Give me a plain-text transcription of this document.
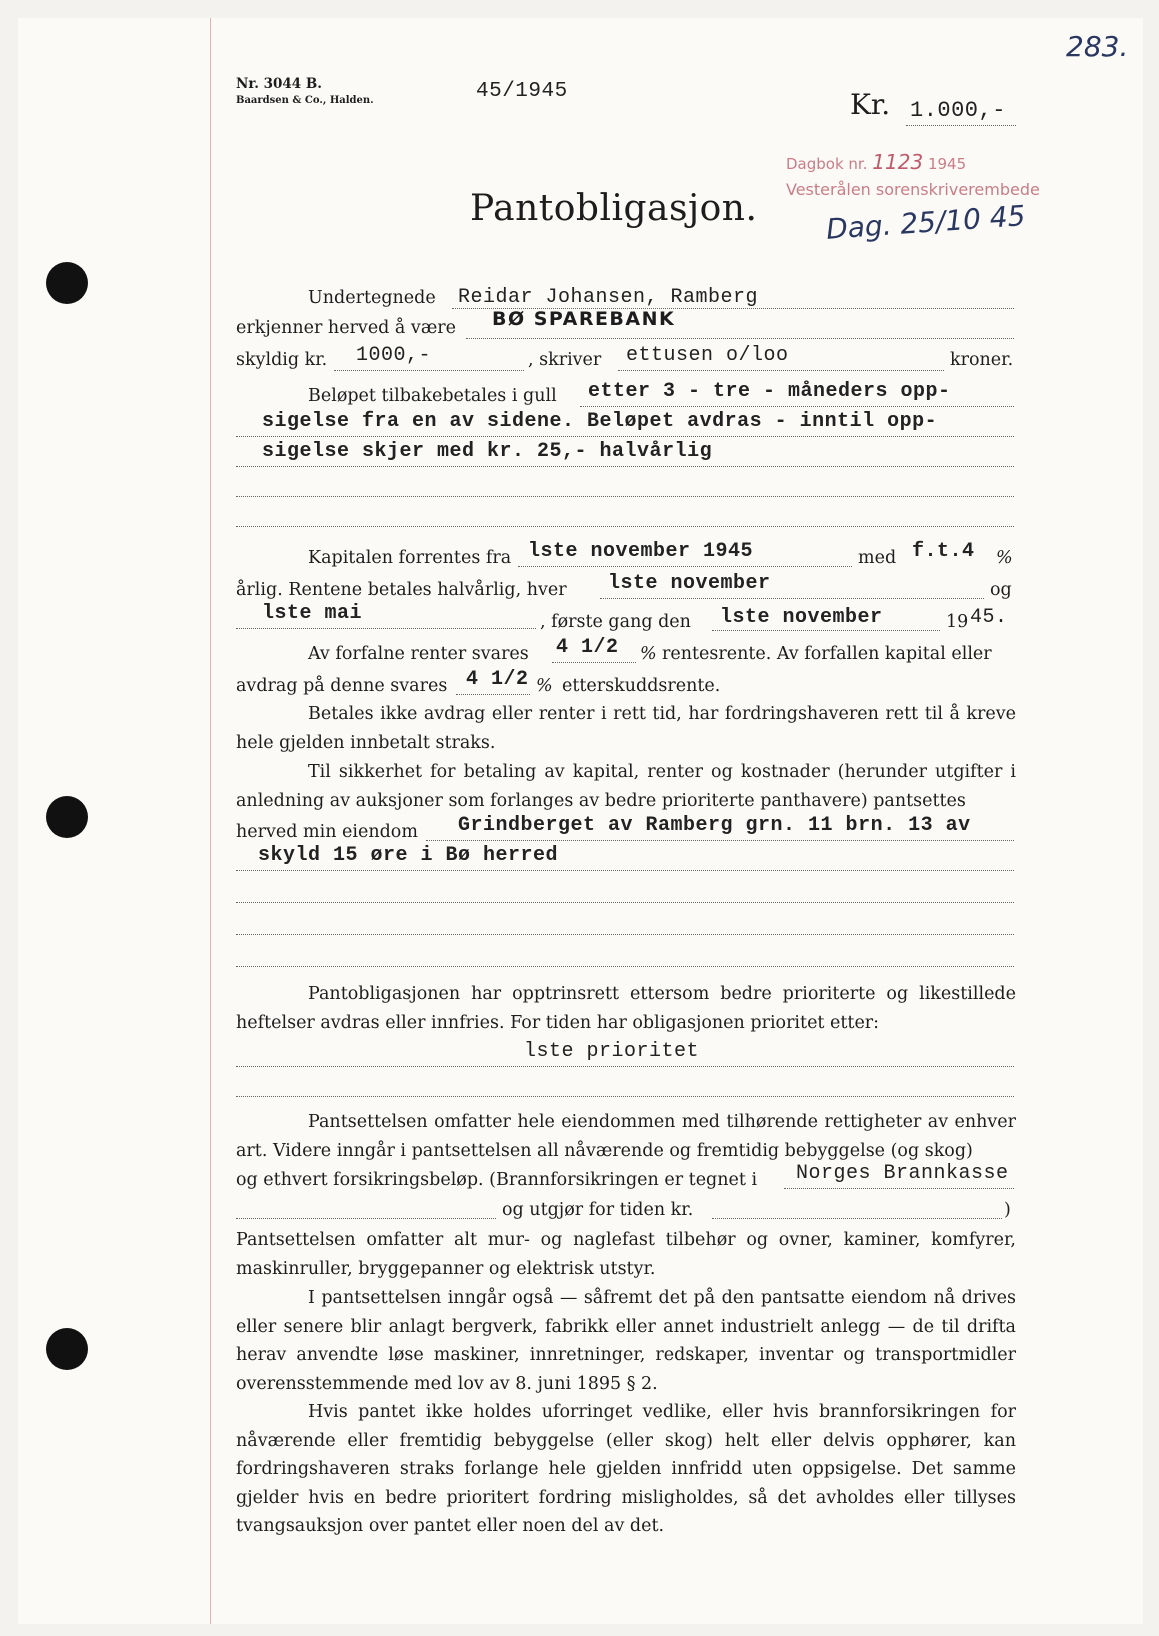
283.
Nr. 3044 B.
Baardsen & Co., Halden.	45/1945	Kr. 1.000,-
Dagbok nr. 1123 1945
Vesterålen sorenskriverembede
Dag. 25/10 45
Pantobligasjon.
Undertegnede Reidar Johansen, Ramberg
erkjenner herved å være BØ SPAREBANK
skyldig kr. 1000,-	, skriver ettusen o/loo	kroner.
Beløpet tilbakebetales i gull etter 3 - tre - måneders opp-
sigelse fra en av sidene. Beløpet avdras - inntil opp-
sigelse skjer med kr. 25,- halvårlig
Kapitalen forrentes fra lste november 1945	med f.t.4 %
årlig. Rentene betales halvårlig, hver lste november	og
lste mai	, første gang den lste november	19 45.
Av forfalne renter svares 4 1/2 % rentesrente. Av forfallen kapital eller
avdrag på denne svares 4 1/2 % etterskuddsrente.
Betales ikke avdrag eller renter i rett tid, har fordringshaveren rett til å kreve hele gjelden innbetalt straks.
Til sikkerhet for betaling av kapital, renter og kostnader (herunder utgifter i anledning av auksjoner som forlanges av bedre prioriterte panthavere) pantsettes
herved min eiendom Grindberget av Ramberg grn. 11 brn. 13 av
skyld 15 øre i Bø herred
Pantobligasjonen har opptrinsrett ettersom bedre prioriterte og likestillede heftelser avdras eller innfries. For tiden har obligasjonen prioritet etter:
lste prioritet
Pantsettelsen omfatter hele eiendommen med tilhørende rettigheter av enhver art. Videre inngår i pantsettelsen all nåværende og fremtidig bebyggelse (og skog)
og ethvert forsikringsbeløp. (Brannforsikringen er tegnet i Norges Brannkasse
og utgjør for tiden kr.	)
Pantsettelsen omfatter alt mur- og naglefast tilbehør og ovner, kaminer, komfyrer, maskinruller, bryggepanner og elektrisk utstyr.
I pantsettelsen inngår også — såfremt det på den pantsatte eiendom nå drives eller senere blir anlagt bergverk, fabrikk eller annet industrielt anlegg — de til drifta herav anvendte løse maskiner, innretninger, redskaper, inventar og transportmidler overensstemmende med lov av 8. juni 1895 § 2.
Hvis pantet ikke holdes uforringet vedlike, eller hvis brannforsikringen for nåværende eller fremtidig bebyggelse (eller skog) helt eller delvis opphører, kan fordringshaveren straks forlange hele gjelden innfridd uten oppsigelse. Det samme gjelder hvis en bedre prioritert fordring misligholdes, så det avholdes eller tillyses tvangsauksjon over pantet eller noen del av det.
